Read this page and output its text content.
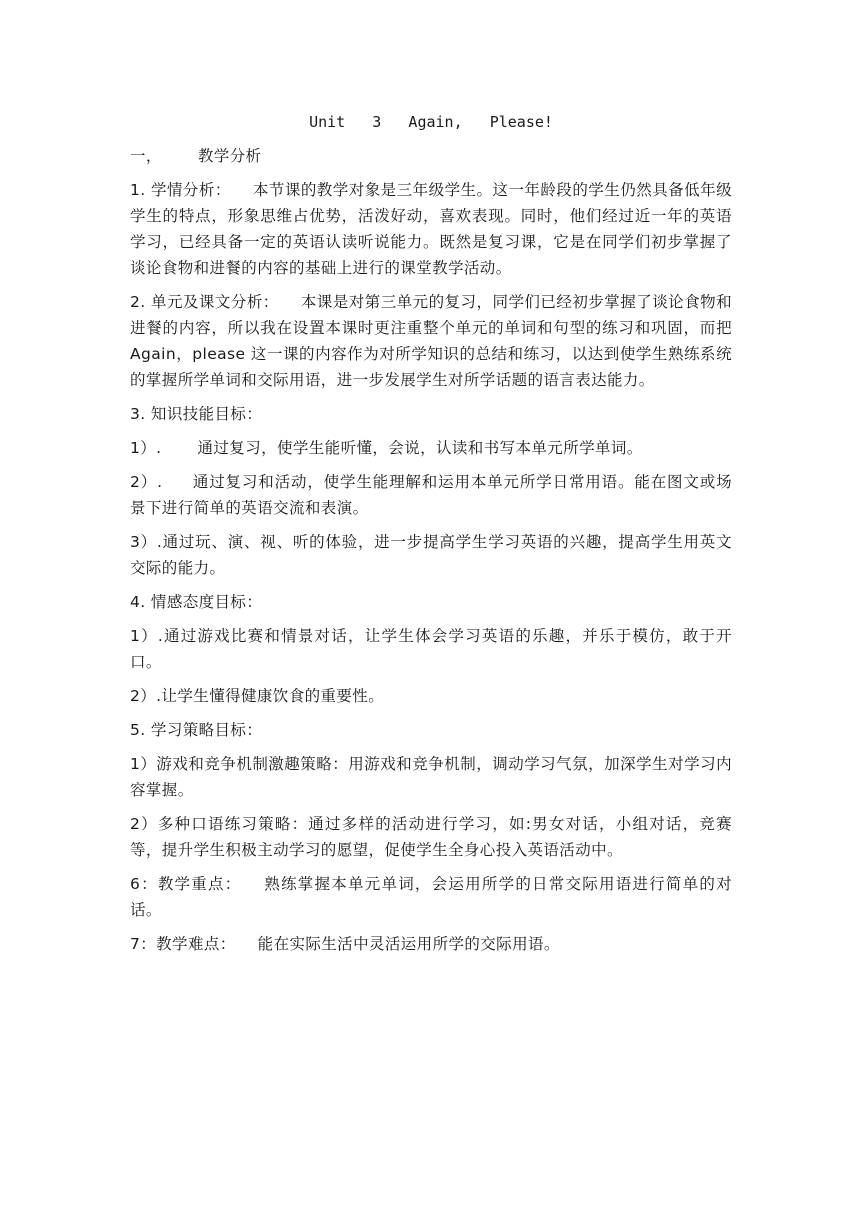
Unit   3   Again,   Please!

一， 教学分析

1. 学情分析： 本节课的教学对象是三年级学生。这一年龄段的学生仍然具备低年级学生的特点，形象思维占优势，活泼好动，喜欢表现。同时，他们经过近一年的英语学习，已经具备一定的英语认读听说能力。既然是复习课，它是在同学们初步掌握了谈论食物和进餐的内容的基础上进行的课堂教学活动。

2. 单元及课文分析： 本课是对第三单元的复习，同学们已经初步掌握了谈论食物和进餐的内容，所以我在设置本课时更注重整个单元的单词和句型的练习和巩固，而把 Again，please 这一课的内容作为对所学知识的总结和练习，以达到使学生熟练系统的掌握所学单词和交际用语，进一步发展学生对所学话题的语言表达能力。

3. 知识技能目标：

1）. 通过复习，使学生能听懂，会说，认读和书写本单元所学单词。

2）. 通过复习和活动，使学生能理解和运用本单元所学日常用语。能在图文或场景下进行简单的英语交流和表演。

3）.通过玩、演、视、听的体验，进一步提高学生学习英语的兴趣，提高学生用英文交际的能力。

4. 情感态度目标：

1）.通过游戏比赛和情景对话，让学生体会学习英语的乐趣，并乐于模仿，敢于开口。

2）.让学生懂得健康饮食的重要性。

5. 学习策略目标：

1）游戏和竞争机制激趣策略：用游戏和竞争机制，调动学习气氛，加深学生对学习内容掌握。

2）多种口语练习策略：通过多样的活动进行学习，如:男女对话，小组对话，竞赛等，提升学生积极主动学习的愿望，促使学生全身心投入英语活动中。

6：教学重点： 熟练掌握本单元单词，会运用所学的日常交际用语进行简单的对话。

7：教学难点： 能在实际生活中灵活运用所学的交际用语。
